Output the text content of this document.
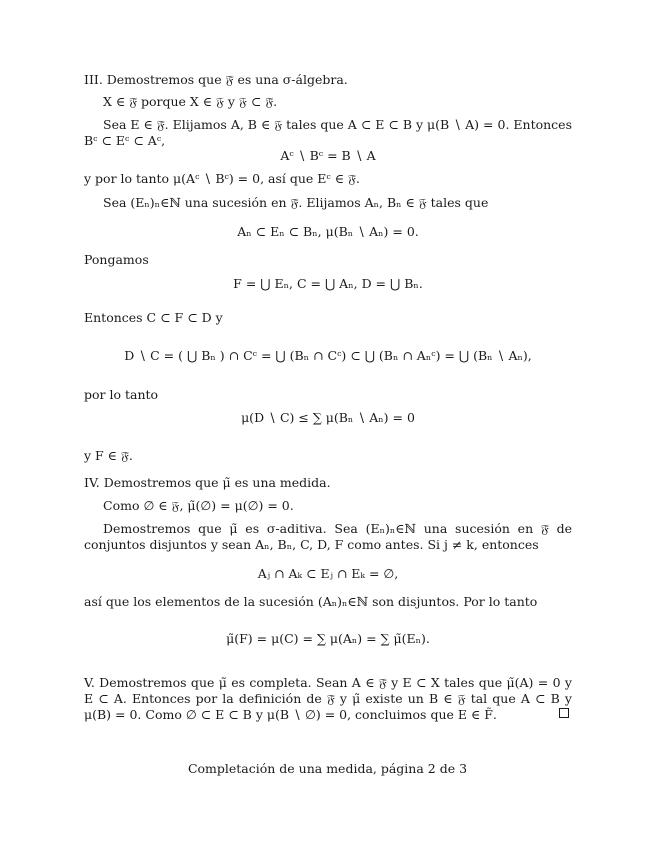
III. Demostremos que 𝔉̃ es una σ-álgebra.
X ∈ 𝔉̃ porque X ∈ 𝔉 y 𝔉 ⊂ 𝔉̃.
Sea E ∈ 𝔉̃. Elijamos A, B ∈ 𝔉 tales que A ⊂ E ⊂ B y μ(B ∖ A) = 0. Entonces Bᶜ ⊂ Eᶜ ⊂ Aᶜ,
Aᶜ ∖ Bᶜ = B ∖ A
y por lo tanto μ(Aᶜ ∖ Bᶜ) = 0, así que Eᶜ ∈ 𝔉̃.
Sea (Eₙ)ₙ∈ℕ una sucesión en 𝔉̃. Elijamos Aₙ, Bₙ ∈ 𝔉 tales que
Aₙ ⊂ Eₙ ⊂ Bₙ, μ(Bₙ ∖ Aₙ) = 0.
Pongamos
F = ⋃ Eₙ, C = ⋃ Aₙ, D = ⋃ Bₙ.
Entonces C ⊂ F ⊂ D y
D ∖ C = ( ⋃ Bₙ ) ∩ Cᶜ = ⋃ (Bₙ ∩ Cᶜ) ⊂ ⋃ (Bₙ ∩ Aₙᶜ) = ⋃ (Bₙ ∖ Aₙ),
por lo tanto
μ(D ∖ C) ≤ ∑ μ(Bₙ ∖ Aₙ) = 0
y F ∈ 𝔉̃.
IV. Demostremos que μ̃ es una medida.
Como ∅ ∈ 𝔉, μ̃(∅) = μ(∅) = 0.
Demostremos que μ̃ es σ-aditiva. Sea (Eₙ)ₙ∈ℕ una sucesión en 𝔉̃ de conjuntos disjuntos y sean Aₙ, Bₙ, C, D, F como antes. Si j ≠ k, entonces
Aⱼ ∩ Aₖ ⊂ Eⱼ ∩ Eₖ = ∅,
así que los elementos de la sucesión (Aₙ)ₙ∈ℕ son disjuntos. Por lo tanto
μ̃(F) = μ(C) = ∑ μ(Aₙ) = ∑ μ̃(Eₙ).
V. Demostremos que μ̃ es completa. Sean A ∈ 𝔉̃ y E ⊂ X tales que μ̃(A) = 0 y E ⊂ A. Entonces por la definición de 𝔉̃ y μ̃ existe un B ∈ 𝔉 tal que A ⊂ B y μ(B) = 0. Como ∅ ⊂ E ⊂ B y μ(B ∖ ∅) = 0, concluimos que E ∈ F̃.
Completación de una medida, página 2 de 3
